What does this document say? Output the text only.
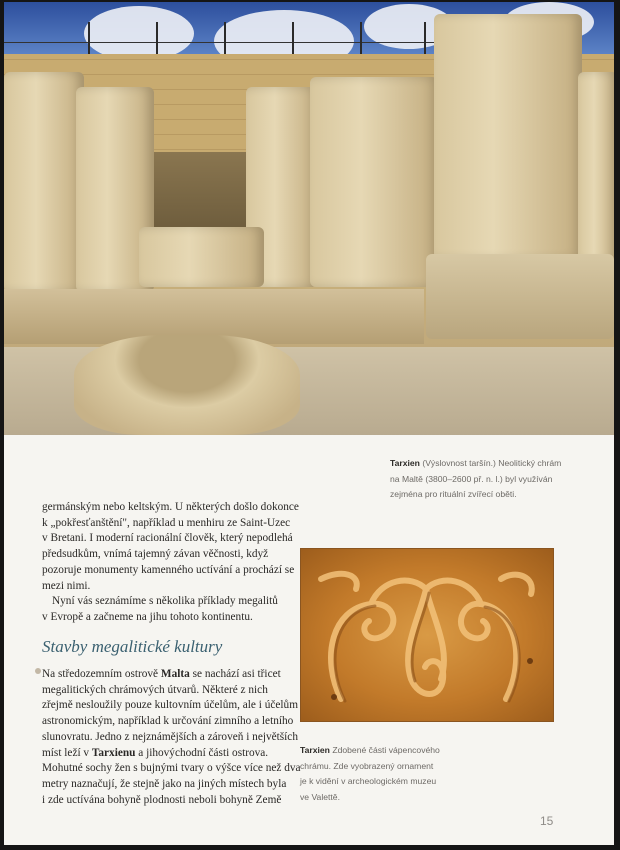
Tarxien (Výslovnost taršín.) Neolitický chrám
na Maltě (3800–2600 př. n. l.) byl využíván
zejména pro rituální zvířecí oběti.
germánským nebo keltským. U některých došlo dokonce
k „pokřesťanštění", například u menhiru ze Saint-Uzec
v Bretani. I moderní racionální člověk, který nepodlehá
předsudkům, vnímá tajemný závan věčnosti, když
pozoruje monumenty kamenného uctívání a prochází se
mezi nimi.
Nyní vás seznámíme s několika příklady megalitů
v Evropě a začneme na jihu tohoto kontinentu.
Stavby megalitické kultury
Na středozemním ostrově Malta se nachází asi třicet
megalitických chrámových útvarů. Některé z nich
zřejmě nesloužily pouze kultovním účelům, ale i účelům
astronomickým, například k určování zimního a letního
slunovratu. Jedno z nejznámějších a zároveň i největších
míst leží v Tarxienu a jihovýchodní části ostrova.
Mohutné sochy žen s bujnými tvary o výšce více než dva
metry naznačují, že stejně jako na jiných místech byla
i zde uctívána bohyně plodnosti neboli bohyně Země
Tarxien Zdobené části vápencového
chrámu. Zde vyobrazený ornament
je k vidění v archeologickém muzeu
ve Valettě.
15
